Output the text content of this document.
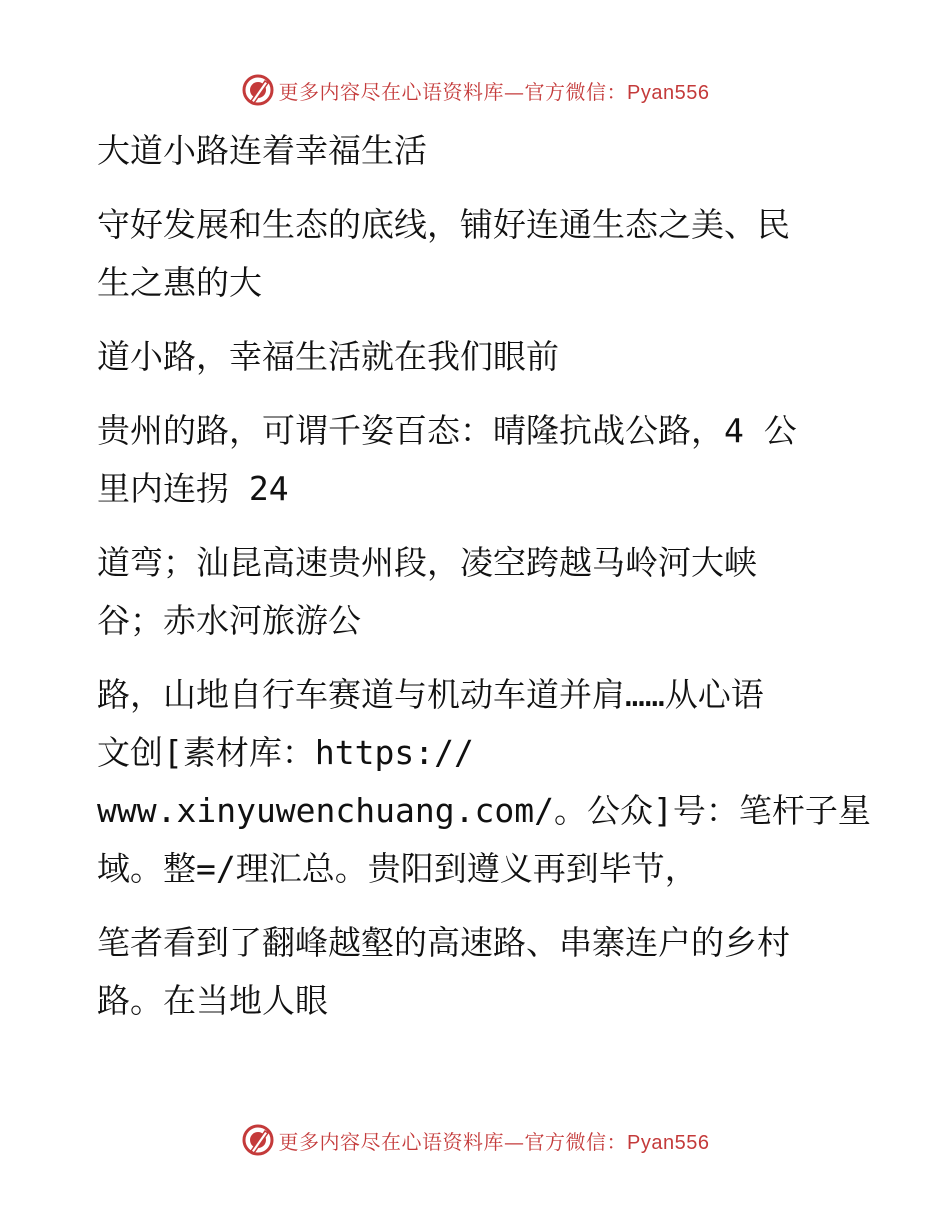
更多内容尽在心语资料库—官方微信：Pyan556
大道小路连着幸福生活
守好发展和生态的底线，铺好连通生态之美、民
生之惠的大
道小路，幸福生活就在我们眼前
贵州的路，可谓千姿百态：晴隆抗战公路，4 公
里内连拐 24
道弯；汕昆高速贵州段，凌空跨越马岭河大峡
谷；赤水河旅游公
路，山地自行车赛道与机动车道并肩……从心语
文创[素材库：https://
www.xinyuwenchuang.com/。公众]号：笔杆子星
域。整=/理汇总。贵阳到遵义再到毕节，
笔者看到了翻峰越壑的高速路、串寨连户的乡村
路。在当地人眼
更多内容尽在心语资料库—官方微信：Pyan556
